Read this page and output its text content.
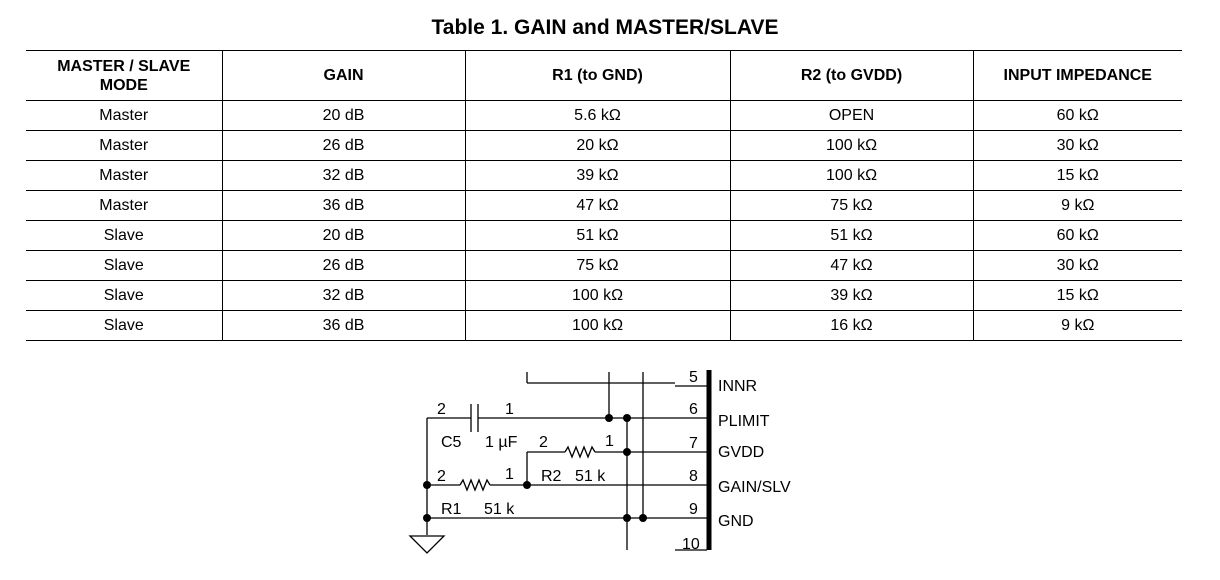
Table 1. GAIN and MASTER/SLAVE
MASTER / SLAVE MODE	GAIN	R1 (to GND)	R2 (to GVDD)	INPUT IMPEDANCE
Master	20 dB	5.6 kΩ	OPEN	60 kΩ
Master	26 dB	20 kΩ	100 kΩ	30 kΩ
Master	32 dB	39 kΩ	100 kΩ	15 kΩ
Master	36 dB	47 kΩ	75 kΩ	9 kΩ
Slave	20 dB	51 kΩ	51 kΩ	60 kΩ
Slave	26 dB	75 kΩ	47 kΩ	30 kΩ
Slave	32 dB	100 kΩ	39 kΩ	15 kΩ
Slave	36 dB	100 kΩ	16 kΩ	9 kΩ
5
6
7
8
9
10
INNR
PLIMIT
GVDD
GAIN/SLV
GND
2	1
C5 1 µF 2	1
R2 51 k
2	1
R1 51 k
